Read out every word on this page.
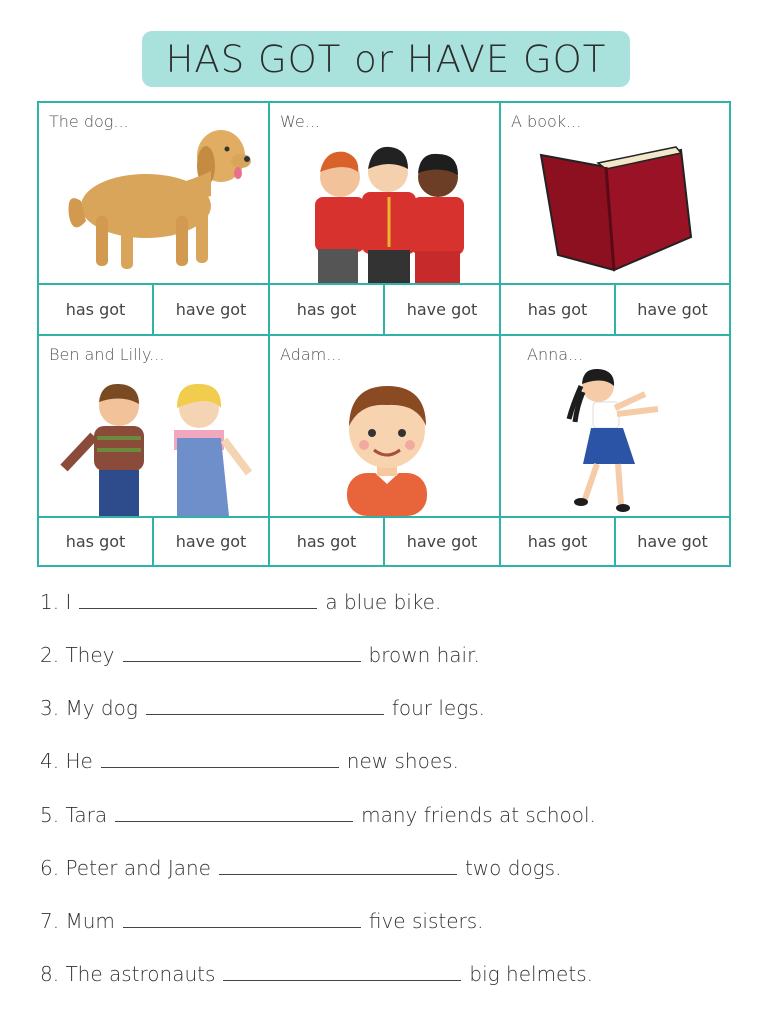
HAS GOT or HAVE GOT
The dog...	We...	A book...
has got	have got	has got	have got	has got	have got
Ben and Lilly...	Adam...	Anna...
has got	have got	has got	have got	has got	have got
1. I	a blue bike.
2. They	brown hair.
3. My dog	four legs.
4. He	new shoes.
5. Tara	many friends at school.
6. Peter and Jane	two dogs.
7. Mum	five sisters.
8. The astronauts	big helmets.
